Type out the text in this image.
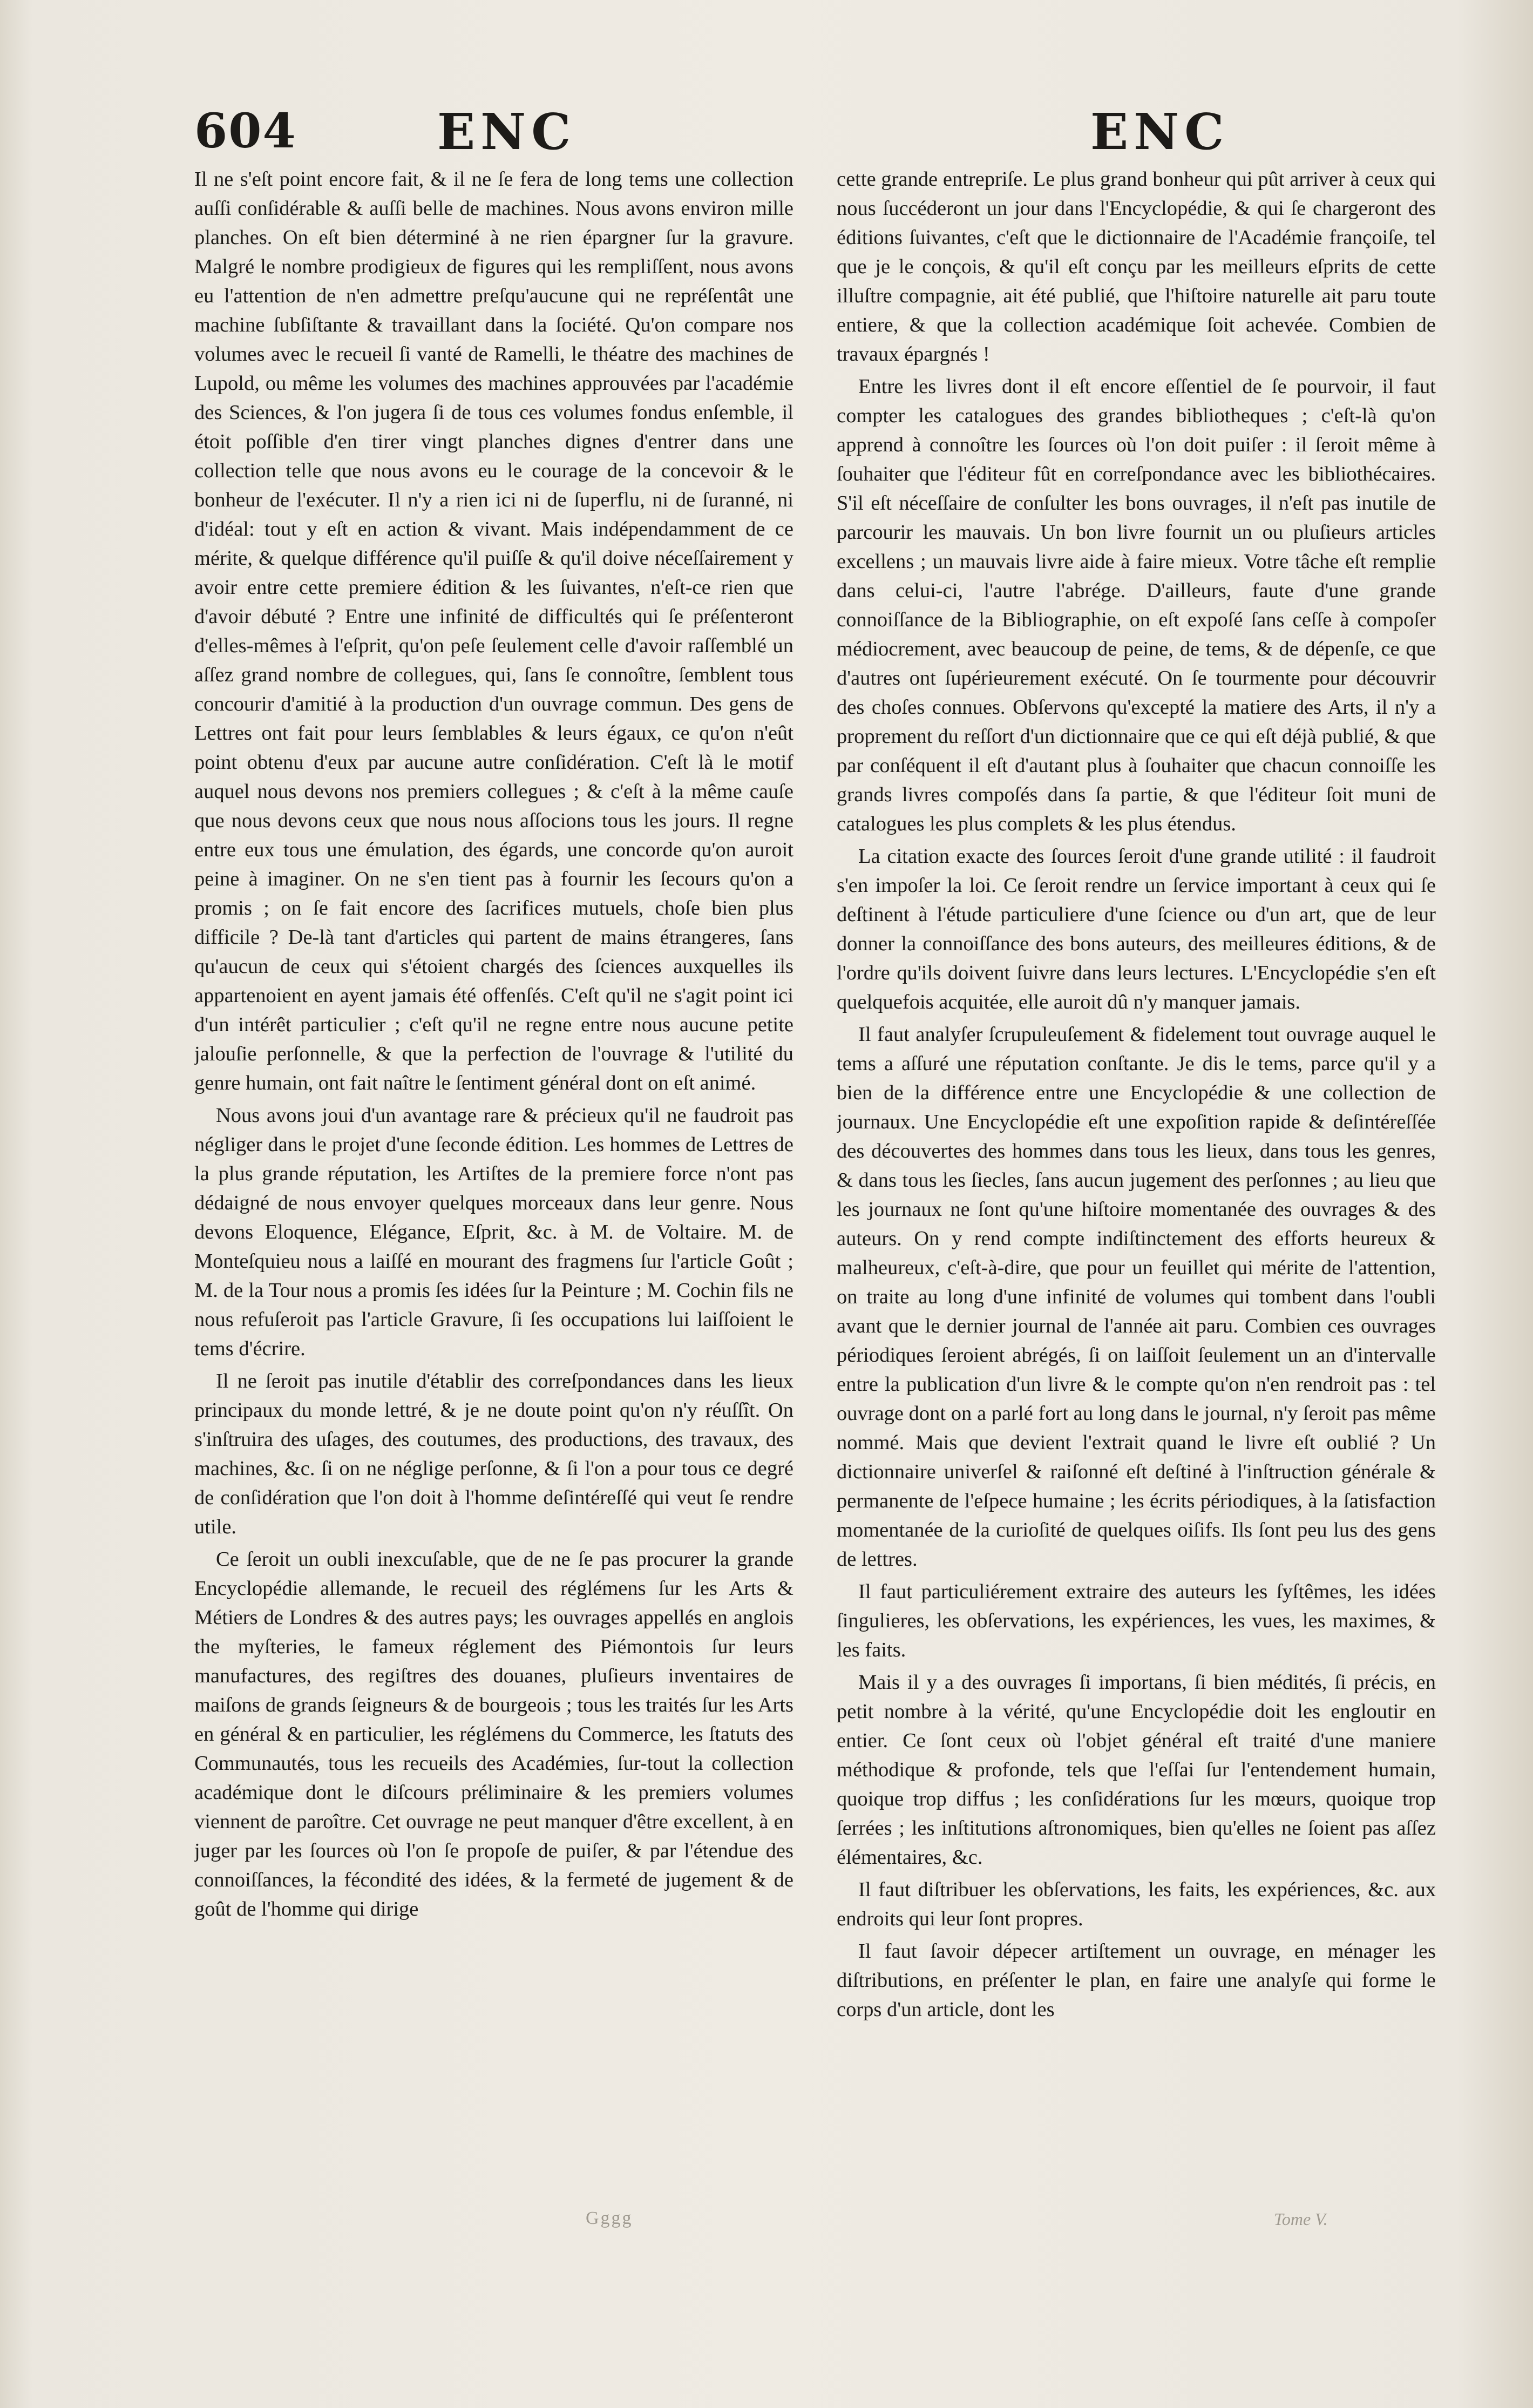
604	ENC	ENC

Il ne s'eſt point encore fait, & il ne ſe fera de long tems une collection auſſi conſidérable & auſſi belle de machines. Nous avons environ mille planches. On eſt bien déterminé à ne rien épargner ſur la gravure. Malgré le nombre prodigieux de figures qui les rempliſſent, nous avons eu l'attention de n'en admettre preſqu'aucune qui ne repréſentât une machine ſubſiſtante & travaillant dans la ſociété. Qu'on compare nos volumes avec le recueil ſi vanté de Ramelli, le théatre des machines de Lupold, ou même les volumes des machines approuvées par l'académie des Sciences, & l'on jugera ſi de tous ces volumes fondus enſemble, il étoit poſſible d'en tirer vingt planches dignes d'entrer dans une collection telle que nous avons eu le courage de la concevoir & le bonheur de l'exécuter. Il n'y a rien ici ni de ſuperflu, ni de ſuranné, ni d'idéal: tout y eſt en action & vivant. Mais indépendamment de ce mérite, & quelque différence qu'il puiſſe & qu'il doive néceſſairement y avoir entre cette premiere édition & les ſuivantes, n'eſt-ce rien que d'avoir débuté ? Entre une infinité de difficultés qui ſe préſenteront d'elles-mêmes à l'eſprit, qu'on peſe ſeulement celle d'avoir raſſemblé un aſſez grand nombre de collegues, qui, ſans ſe connoître, ſemblent tous concourir d'amitié à la production d'un ouvrage commun. Des gens de Lettres ont fait pour leurs ſemblables & leurs égaux, ce qu'on n'eût point obtenu d'eux par aucune autre conſidération. C'eſt là le motif auquel nous devons nos premiers collegues ; & c'eſt à la même cauſe que nous devons ceux que nous nous aſſocions tous les jours. Il regne entre eux tous une émulation, des égards, une concorde qu'on auroit peine à imaginer. On ne s'en tient pas à fournir les ſecours qu'on a promis ; on ſe fait encore des ſacrifices mutuels, choſe bien plus difficile ? De-là tant d'articles qui partent de mains étrangeres, ſans qu'aucun de ceux qui s'étoient chargés des ſciences auxquelles ils appartenoient en ayent jamais été offenſés. C'eſt qu'il ne s'agit point ici d'un intérêt particulier ; c'eſt qu'il ne regne entre nous aucune petite jalouſie perſonnelle, & que la perfection de l'ouvrage & l'utilité du genre humain, ont fait naître le ſentiment général dont on eſt animé.

Nous avons joui d'un avantage rare & précieux qu'il ne faudroit pas négliger dans le projet d'une ſeconde édition. Les hommes de Lettres de la plus grande réputation, les Artiſtes de la premiere force n'ont pas dédaigné de nous envoyer quelques morceaux dans leur genre. Nous devons Eloquence, Elégance, Eſprit, &c. à M. de Voltaire. M. de Monteſquieu nous a laiſſé en mourant des fragmens ſur l'article Goût ; M. de la Tour nous a promis ſes idées ſur la Peinture ; M. Cochin fils ne nous refuſeroit pas l'article Gravure, ſi ſes occupations lui laiſſoient le tems d'écrire.

Il ne ſeroit pas inutile d'établir des correſpondances dans les lieux principaux du monde lettré, & je ne doute point qu'on n'y réuſſît. On s'inſtruira des uſages, des coutumes, des productions, des travaux, des machines, &c. ſi on ne néglige perſonne, & ſi l'on a pour tous ce degré de conſidération que l'on doit à l'homme deſintéreſſé qui veut ſe rendre utile.

Ce ſeroit un oubli inexcuſable, que de ne ſe pas procurer la grande Encyclopédie allemande, le recueil des réglémens ſur les Arts & Métiers de Londres & des autres pays; les ouvrages appellés en anglois the myſteries, le fameux réglement des Piémontois ſur leurs manufactures, des regiſtres des douanes, pluſieurs inventaires de maiſons de grands ſeigneurs & de bourgeois ; tous les traités ſur les Arts en général & en particulier, les réglémens du Commerce, les ſtatuts des Communautés, tous les recueils des Académies, ſur-tout la collection académique dont le diſcours préliminaire & les premiers volumes viennent de paroître. Cet ouvrage ne peut manquer d'être excellent, à en juger par les ſources où l'on ſe propoſe de puiſer, & par l'étendue des connoiſſances, la fécondité des idées, & la fermeté de jugement & de goût de l'homme qui dirige

cette grande entrepriſe. Le plus grand bonheur qui pût arriver à ceux qui nous ſuccéderont un jour dans l'Encyclopédie, & qui ſe chargeront des éditions ſuivantes, c'eſt que le dictionnaire de l'Académie françoiſe, tel que je le conçois, & qu'il eſt conçu par les meilleurs eſprits de cette illuſtre compagnie, ait été publié, que l'hiſtoire naturelle ait paru toute entiere, & que la collection académique ſoit achevée. Combien de travaux épargnés !

Entre les livres dont il eſt encore eſſentiel de ſe pourvoir, il faut compter les catalogues des grandes bibliotheques ; c'eſt-là qu'on apprend à connoître les ſources où l'on doit puiſer : il ſeroit même à ſouhaiter que l'éditeur fût en correſpondance avec les bibliothécaires. S'il eſt néceſſaire de conſulter les bons ouvrages, il n'eſt pas inutile de parcourir les mauvais. Un bon livre fournit un ou pluſieurs articles excellens ; un mauvais livre aide à faire mieux. Votre tâche eſt remplie dans celui-ci, l'autre l'abrége. D'ailleurs, faute d'une grande connoiſſance de la Bibliographie, on eſt expoſé ſans ceſſe à compoſer médiocrement, avec beaucoup de peine, de tems, & de dépenſe, ce que d'autres ont ſupérieurement exécuté. On ſe tourmente pour découvrir des choſes connues. Obſervons qu'excepté la matiere des Arts, il n'y a proprement du reſſort d'un dictionnaire que ce qui eſt déjà publié, & que par conſéquent il eſt d'autant plus à ſouhaiter que chacun connoiſſe les grands livres compoſés dans ſa partie, & que l'éditeur ſoit muni de catalogues les plus complets & les plus étendus.

La citation exacte des ſources ſeroit d'une grande utilité : il faudroit s'en impoſer la loi. Ce ſeroit rendre un ſervice important à ceux qui ſe deſtinent à l'étude particuliere d'une ſcience ou d'un art, que de leur donner la connoiſſance des bons auteurs, des meilleures éditions, & de l'ordre qu'ils doivent ſuivre dans leurs lectures. L'Encyclopédie s'en eſt quelquefois acquitée, elle auroit dû n'y manquer jamais.

Il faut analyſer ſcrupuleuſement & fidelement tout ouvrage auquel le tems a aſſuré une réputation conſtante. Je dis le tems, parce qu'il y a bien de la différence entre une Encyclopédie & une collection de journaux. Une Encyclopédie eſt une expoſition rapide & deſintéreſſée des découvertes des hommes dans tous les lieux, dans tous les genres, & dans tous les ſiecles, ſans aucun jugement des perſonnes ; au lieu que les journaux ne ſont qu'une hiſtoire momentanée des ouvrages & des auteurs. On y rend compte indiſtinctement des efforts heureux & malheureux, c'eſt-à-dire, que pour un feuillet qui mérite de l'attention, on traite au long d'une infinité de volumes qui tombent dans l'oubli avant que le dernier journal de l'année ait paru. Combien ces ouvrages périodiques ſeroient abrégés, ſi on laiſſoit ſeulement un an d'intervalle entre la publication d'un livre & le compte qu'on n'en rendroit pas : tel ouvrage dont on a parlé fort au long dans le journal, n'y ſeroit pas même nommé. Mais que devient l'extrait quand le livre eſt oublié ? Un dictionnaire univerſel & raiſonné eſt deſtiné à l'inſtruction générale & permanente de l'eſpece humaine ; les écrits périodiques, à la ſatisfaction momentanée de la curioſité de quelques oiſifs. Ils ſont peu lus des gens de lettres.

Il faut particuliérement extraire des auteurs les ſyſtêmes, les idées ſingulieres, les obſervations, les expériences, les vues, les maximes, & les faits.

Mais il y a des ouvrages ſi importans, ſi bien médités, ſi précis, en petit nombre à la vérité, qu'une Encyclopédie doit les engloutir en entier. Ce ſont ceux où l'objet général eſt traité d'une maniere méthodique & profonde, tels que l'eſſai ſur l'entendement humain, quoique trop diffus ; les conſidérations ſur les mœurs, quoique trop ſerrées ; les inſtitutions aſtronomiques, bien qu'elles ne ſoient pas aſſez élémentaires, &c.

Il faut diſtribuer les obſervations, les faits, les expériences, &c. aux endroits qui leur ſont propres.

Il faut ſavoir dépecer artiſtement un ouvrage, en ménager les diſtributions, en préſenter le plan, en faire une analyſe qui forme le corps d'un article, dont les

Gggg	Tome V.
